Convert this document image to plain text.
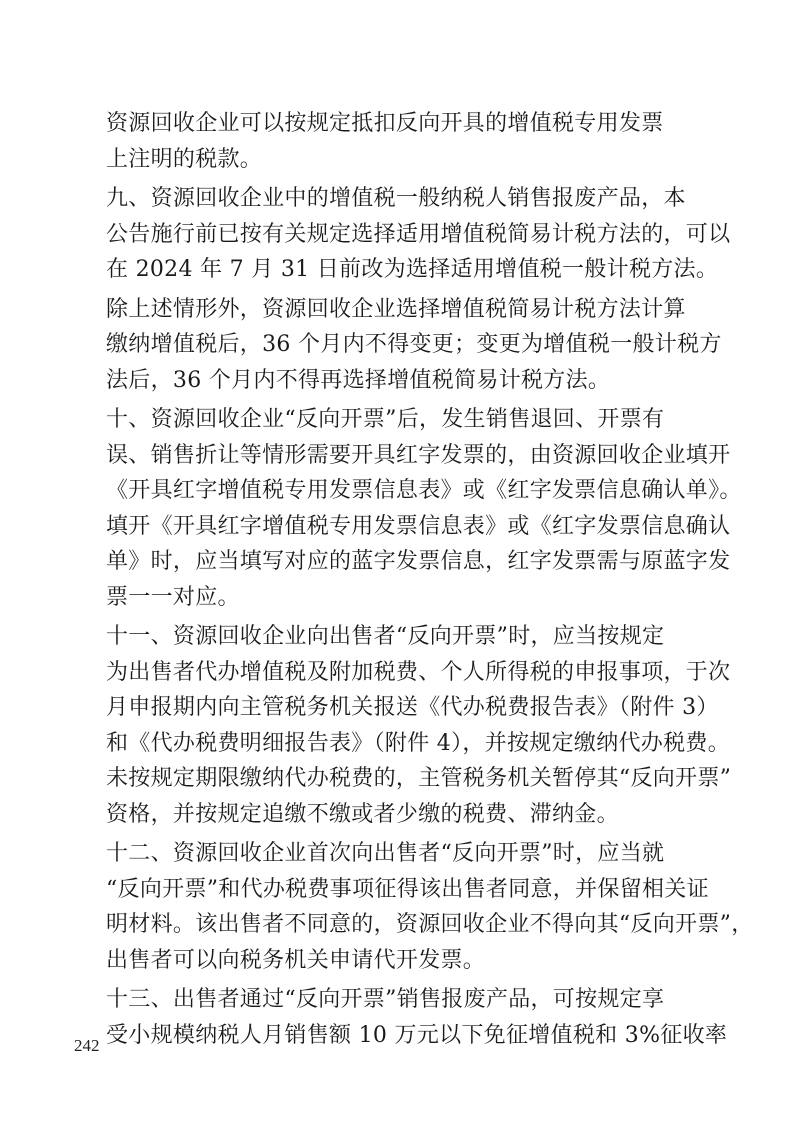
资源回收企业可以按规定抵扣反向开具的增值税专用发票
上注明的税款。
九、资源回收企业中的增值税一般纳税人销售报废产品，本
公告施行前已按有关规定选择适用增值税简易计税方法的，可以
在 2024 年 7 月 31 日前改为选择适用增值税一般计税方法。
除上述情形外，资源回收企业选择增值税简易计税方法计算
缴纳增值税后，36 个月内不得变更；变更为增值税一般计税方
法后，36 个月内不得再选择增值税简易计税方法。
十、资源回收企业“反向开票”后，发生销售退回、开票有
误、销售折让等情形需要开具红字发票的，由资源回收企业填开
《开具红字增值税专用发票信息表》或《红字发票信息确认单》。
填开《开具红字增值税专用发票信息表》或《红字发票信息确认
单》时，应当填写对应的蓝字发票信息，红字发票需与原蓝字发
票一一对应。
十一、资源回收企业向出售者“反向开票”时，应当按规定
为出售者代办增值税及附加税费、个人所得税的申报事项，于次
月申报期内向主管税务机关报送《代办税费报告表》（附件 3）
和《代办税费明细报告表》（附件 4），并按规定缴纳代办税费。
未按规定期限缴纳代办税费的，主管税务机关暂停其“反向开票”
资格，并按规定追缴不缴或者少缴的税费、滞纳金。
十二、资源回收企业首次向出售者“反向开票”时，应当就
“反向开票”和代办税费事项征得该出售者同意，并保留相关证
明材料。该出售者不同意的，资源回收企业不得向其“反向开票”，
出售者可以向税务机关申请代开发票。
十三、出售者通过“反向开票”销售报废产品，可按规定享
受小规模纳税人月销售额 10 万元以下免征增值税和 3%征收率
242
